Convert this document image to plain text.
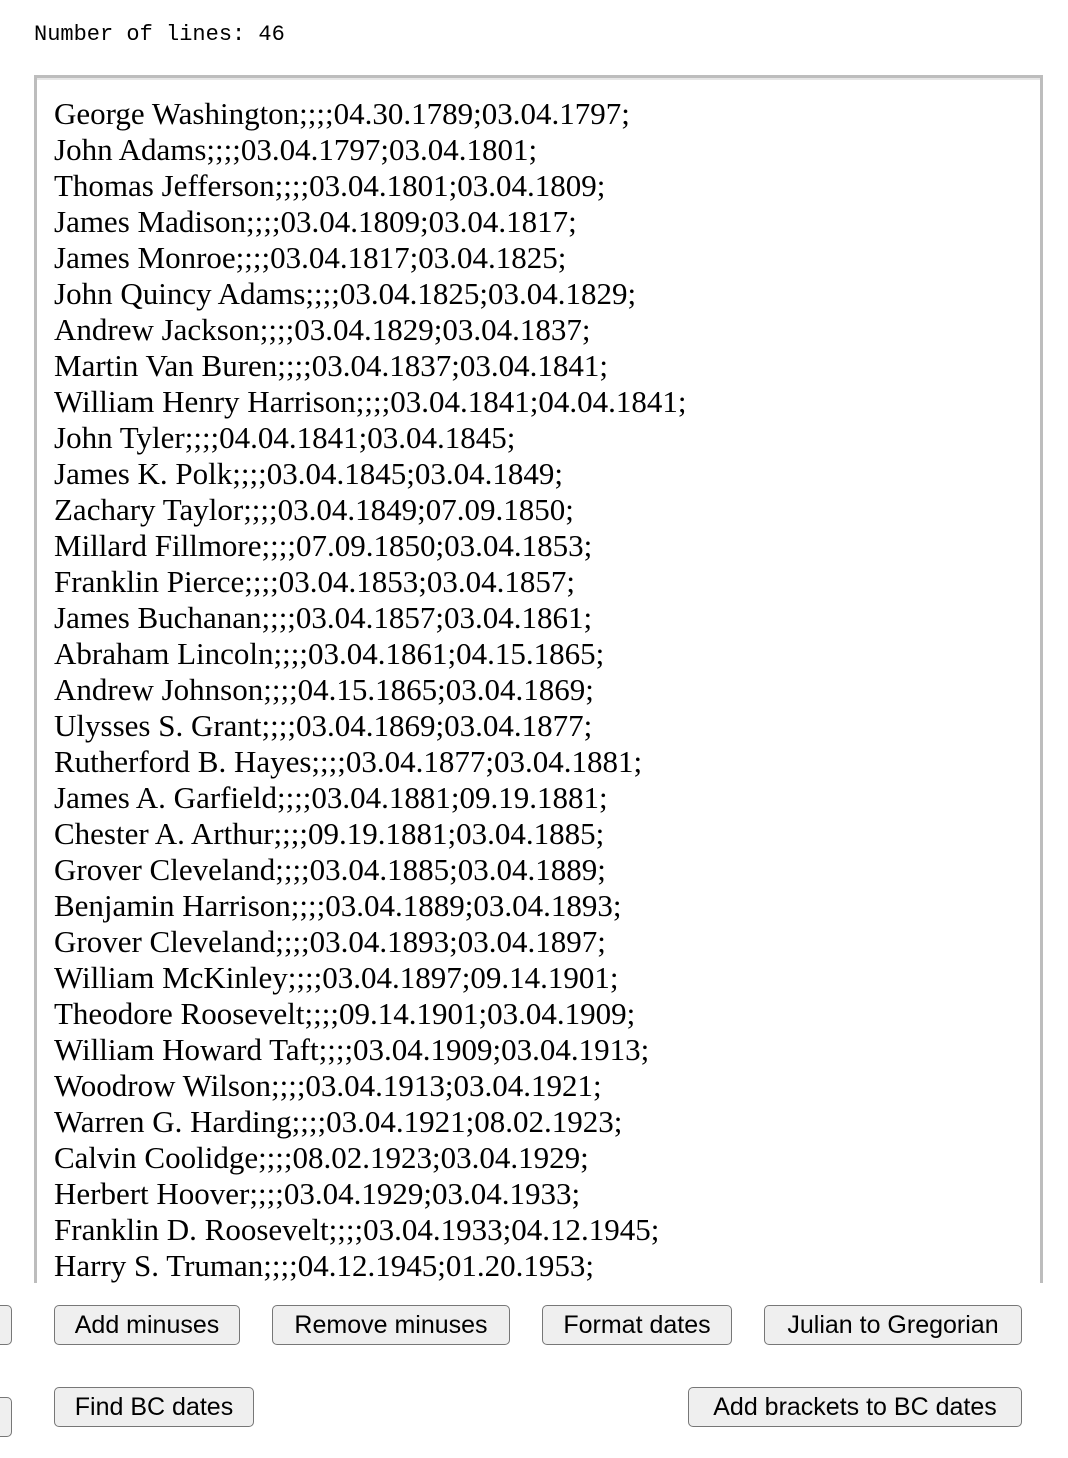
Number of lines: 46
George Washington;;;;04.30.1789;03.04.1797;
John Adams;;;;03.04.1797;03.04.1801;
Thomas Jefferson;;;;03.04.1801;03.04.1809;
James Madison;;;;03.04.1809;03.04.1817;
James Monroe;;;;03.04.1817;03.04.1825;
John Quincy Adams;;;;03.04.1825;03.04.1829;
Andrew Jackson;;;;03.04.1829;03.04.1837;
Martin Van Buren;;;;03.04.1837;03.04.1841;
William Henry Harrison;;;;03.04.1841;04.04.1841;
John Tyler;;;;04.04.1841;03.04.1845;
James K. Polk;;;;03.04.1845;03.04.1849;
Zachary Taylor;;;;03.04.1849;07.09.1850;
Millard Fillmore;;;;07.09.1850;03.04.1853;
Franklin Pierce;;;;03.04.1853;03.04.1857;
James Buchanan;;;;03.04.1857;03.04.1861;
Abraham Lincoln;;;;03.04.1861;04.15.1865;
Andrew Johnson;;;;04.15.1865;03.04.1869;
Ulysses S. Grant;;;;03.04.1869;03.04.1877;
Rutherford B. Hayes;;;;03.04.1877;03.04.1881;
James A. Garfield;;;;03.04.1881;09.19.1881;
Chester A. Arthur;;;;09.19.1881;03.04.1885;
Grover Cleveland;;;;03.04.1885;03.04.1889;
Benjamin Harrison;;;;03.04.1889;03.04.1893;
Grover Cleveland;;;;03.04.1893;03.04.1897;
William McKinley;;;;03.04.1897;09.14.1901;
Theodore Roosevelt;;;;09.14.1901;03.04.1909;
William Howard Taft;;;;03.04.1909;03.04.1913;
Woodrow Wilson;;;;03.04.1913;03.04.1921;
Warren G. Harding;;;;03.04.1921;08.02.1923;
Calvin Coolidge;;;;08.02.1923;03.04.1929;
Herbert Hoover;;;;03.04.1929;03.04.1933;
Franklin D. Roosevelt;;;;03.04.1933;04.12.1945;
Harry S. Truman;;;;04.12.1945;01.20.1953;
Add minuses	Remove minuses	Format dates	Julian to Gregorian
Find BC dates	Add brackets to BC dates
